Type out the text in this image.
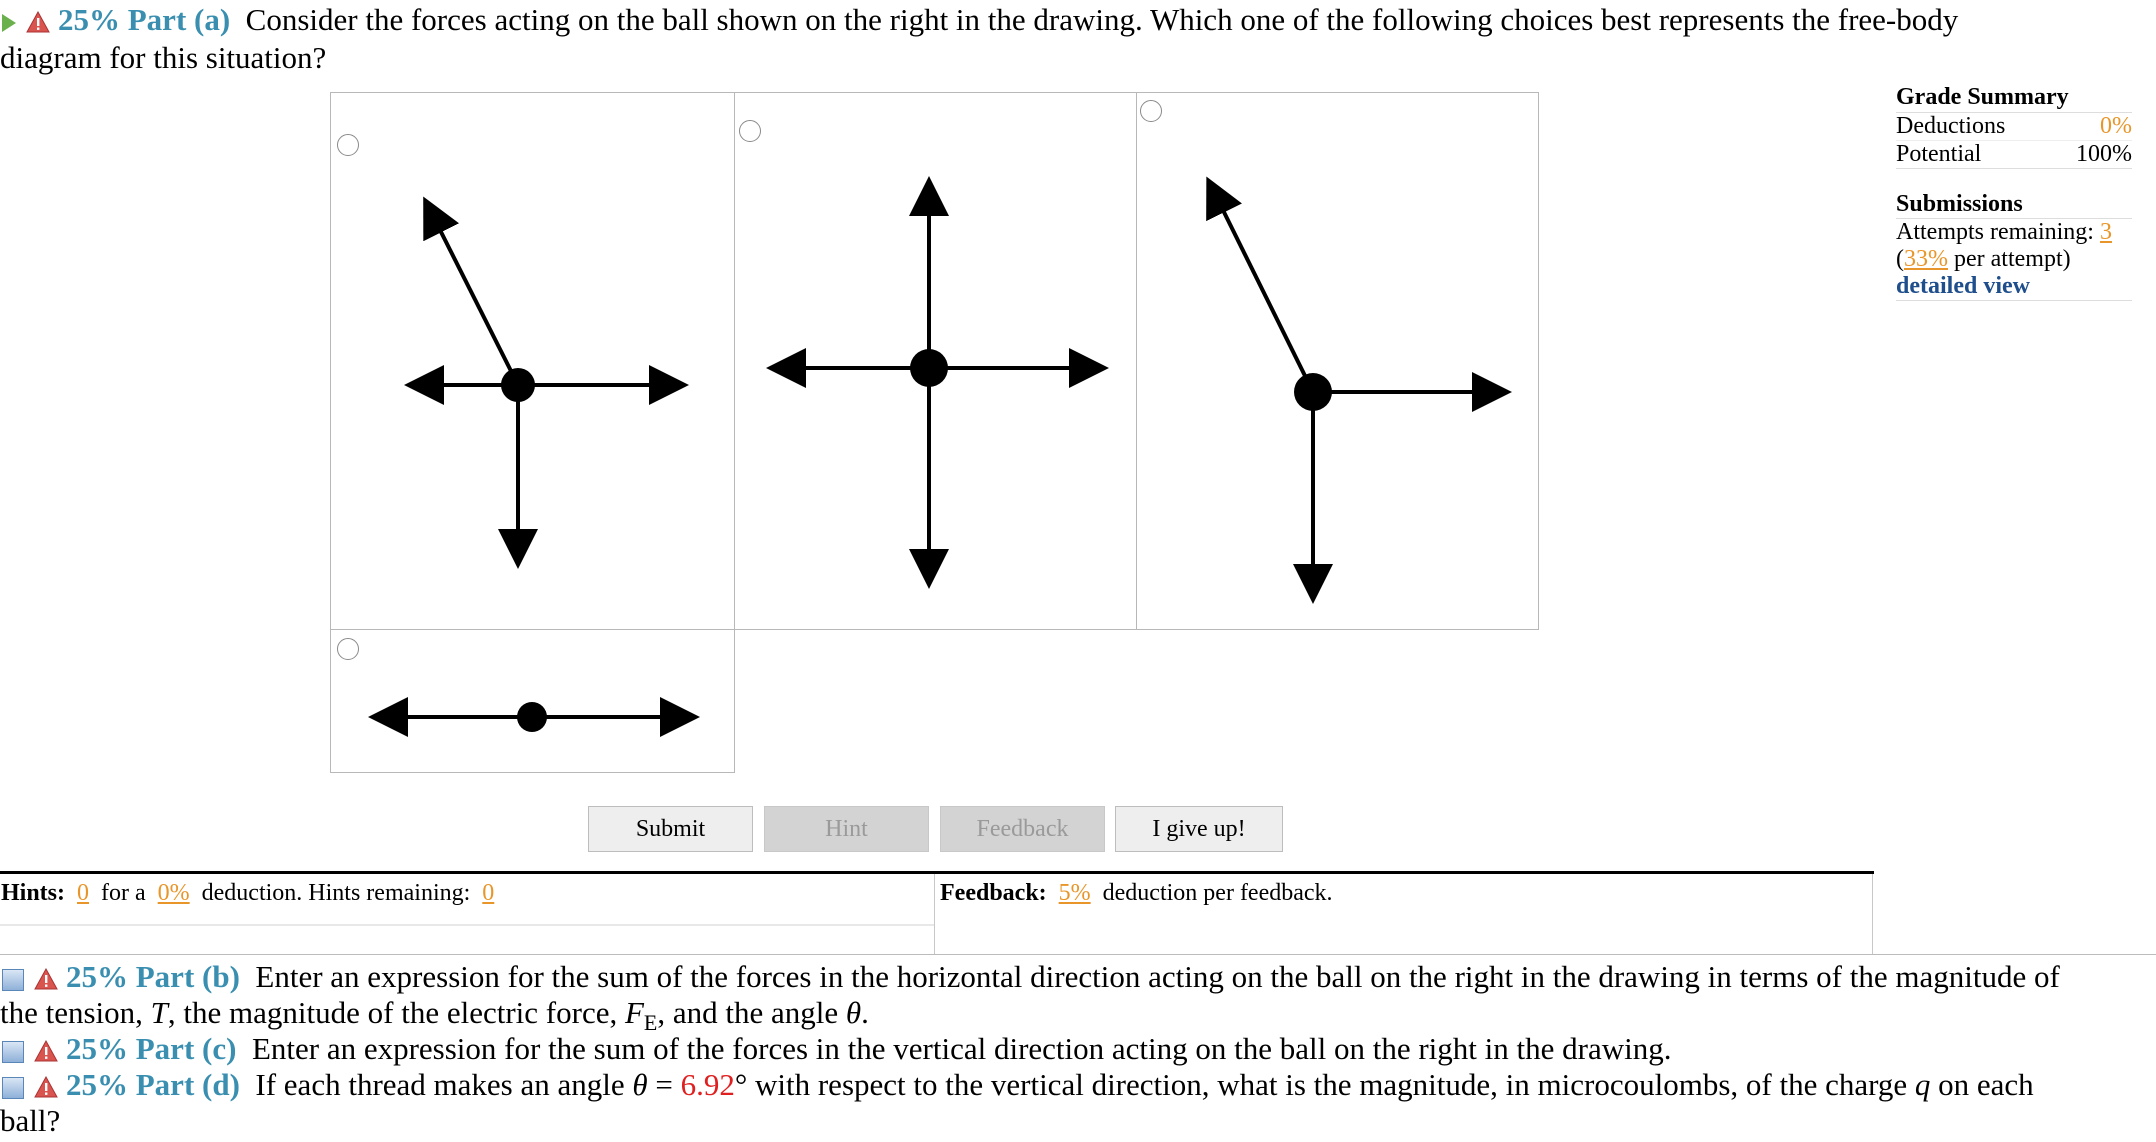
25% Part (a) Consider the forces acting on the ball shown on the right in the drawing. Which one of the following choices best represents the free-body
diagram for this situation?
Submit	Hint	Feedback	I give up!
Hints: 0 for a 0% deduction. Hints remaining: 0	Feedback: 5% deduction per feedback.
Grade Summary
Deductions	0%
Potential	100%
Submissions
Attempts remaining: 3
(33% per attempt)
detailed view
25% Part (b) Enter an expression for the sum of the forces in the horizontal direction acting on the ball on the right in the drawing in terms of the magnitude of
the tension, T, the magnitude of the electric force, $F_E$, and the angle θ.
25% Part (c) Enter an expression for the sum of the forces in the vertical direction acting on the ball on the right in the drawing.
25% Part (d) If each thread makes an angle θ = 6.92° with respect to the vertical direction, what is the magnitude, in microcoulombs, of the charge q on each
ball?
